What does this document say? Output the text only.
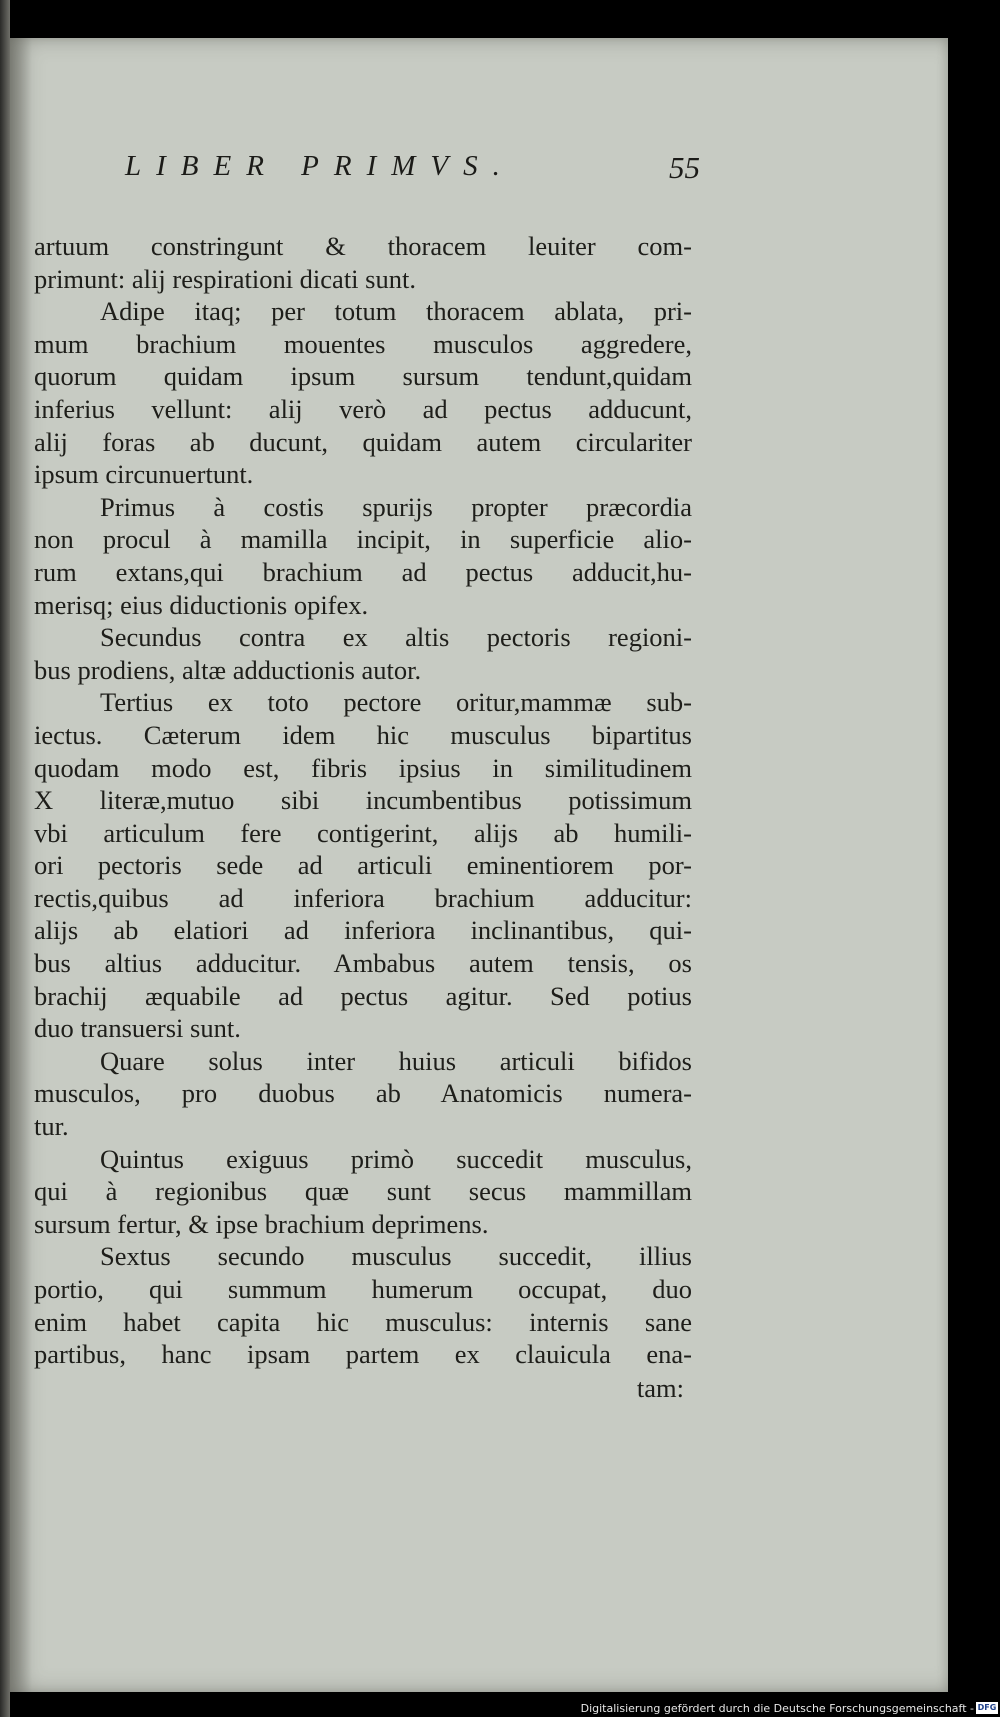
LIBER PRIMVS.	55
artuum constringunt & thoracem leuiter com-
primunt: alij respirationi dicati sunt.
Adipe itaq; per totum thoracem ablata, pri-
mum brachium mouentes musculos aggredere,
quorum quidam ipsum sursum tendunt,quidam
inferius vellunt: alij verò ad pectus adducunt,
alij foras ab ducunt, quidam autem circulariter
ipsum circunuertunt.
Primus à costis spurijs propter præcordia
non procul à mamilla incipit, in superficie alio-
rum extans,qui brachium ad pectus adducit,hu-
merisq; eius diductionis opifex.
Secundus contra ex altis pectoris regioni-
bus prodiens, altæ adductionis autor.
Tertius ex toto pectore oritur,mammæ sub-
iectus. Cæterum idem hic musculus bipartitus
quodam modo est, fibris ipsius in similitudinem
X literæ,mutuo sibi incumbentibus potissimum
vbi articulum fere contigerint, alijs ab humili-
ori pectoris sede ad articuli eminentiorem por-
rectis,quibus ad inferiora brachium adducitur:
alijs ab elatiori ad inferiora inclinantibus, qui-
bus altius adducitur. Ambabus autem tensis, os
brachij æquabile ad pectus agitur. Sed potius
duo transuersi sunt.
Quare solus inter huius articuli bifidos
musculos, pro duobus ab Anatomicis numera-
tur.
Quintus exiguus primò succedit musculus,
qui à regionibus quæ sunt secus mammillam
sursum fertur, & ipse brachium deprimens.
Sextus secundo musculus succedit, illius
portio, qui summum humerum occupat, duo
enim habet capita hic musculus: internis sane
partibus, hanc ipsam partem ex clauicula ena-
tam:
Digitalisierung gefördert durch die Deutsche Forschungsgemeinschaft - DFG
